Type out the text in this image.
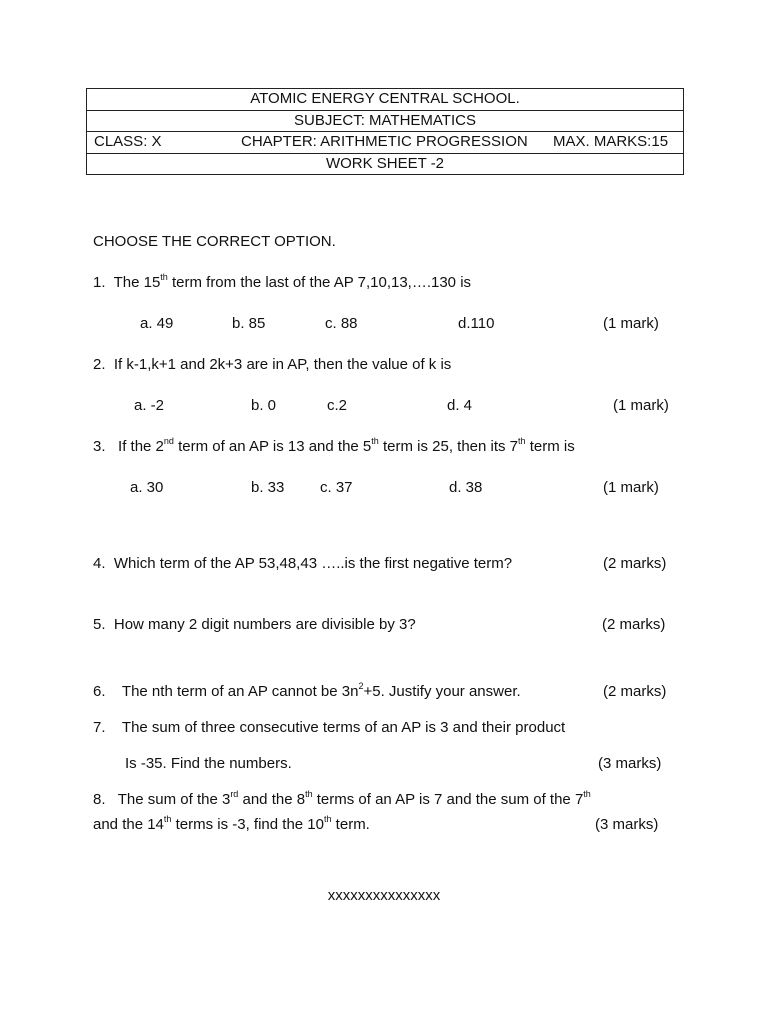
ATOMIC ENERGY CENTRAL SCHOOL.
SUBJECT: MATHEMATICS
CLASS: X	CHAPTER: ARITHMETIC PROGRESSION MAX. MARKS:15
WORK SHEET -2
CHOOSE THE CORRECT OPTION.
1. The 15th term from the last of the AP 7,10,13,….130 is
a. 49	b. 85	c. 88	d.110	(1 mark)
2. If k-1,k+1 and 2k+3 are in AP, then the value of k is
a. -2	b. 0	c.2	d. 4	(1 mark)
3. If the 2nd term of an AP is 13 and the 5th term is 25, then its 7th term is
a. 30	b. 33 c. 37	d. 38	(1 mark)
4. Which term of the AP 53,48,43 …..is the first negative term?	(2 marks)
5. How many 2 digit numbers are divisible by 3?	(2 marks)
6. The nth term of an AP cannot be $3n^2+5$. Justify your answer.	(2 marks)
7. The sum of three consecutive terms of an AP is 3 and their product
Is -35. Find the numbers.	(3 marks)
8. The sum of the 3rd and the 8th terms of an AP is 7 and the sum of the 7th
and the 14th terms is -3, find the 10th term.	(3 marks)
xxxxxxxxxxxxxxx
